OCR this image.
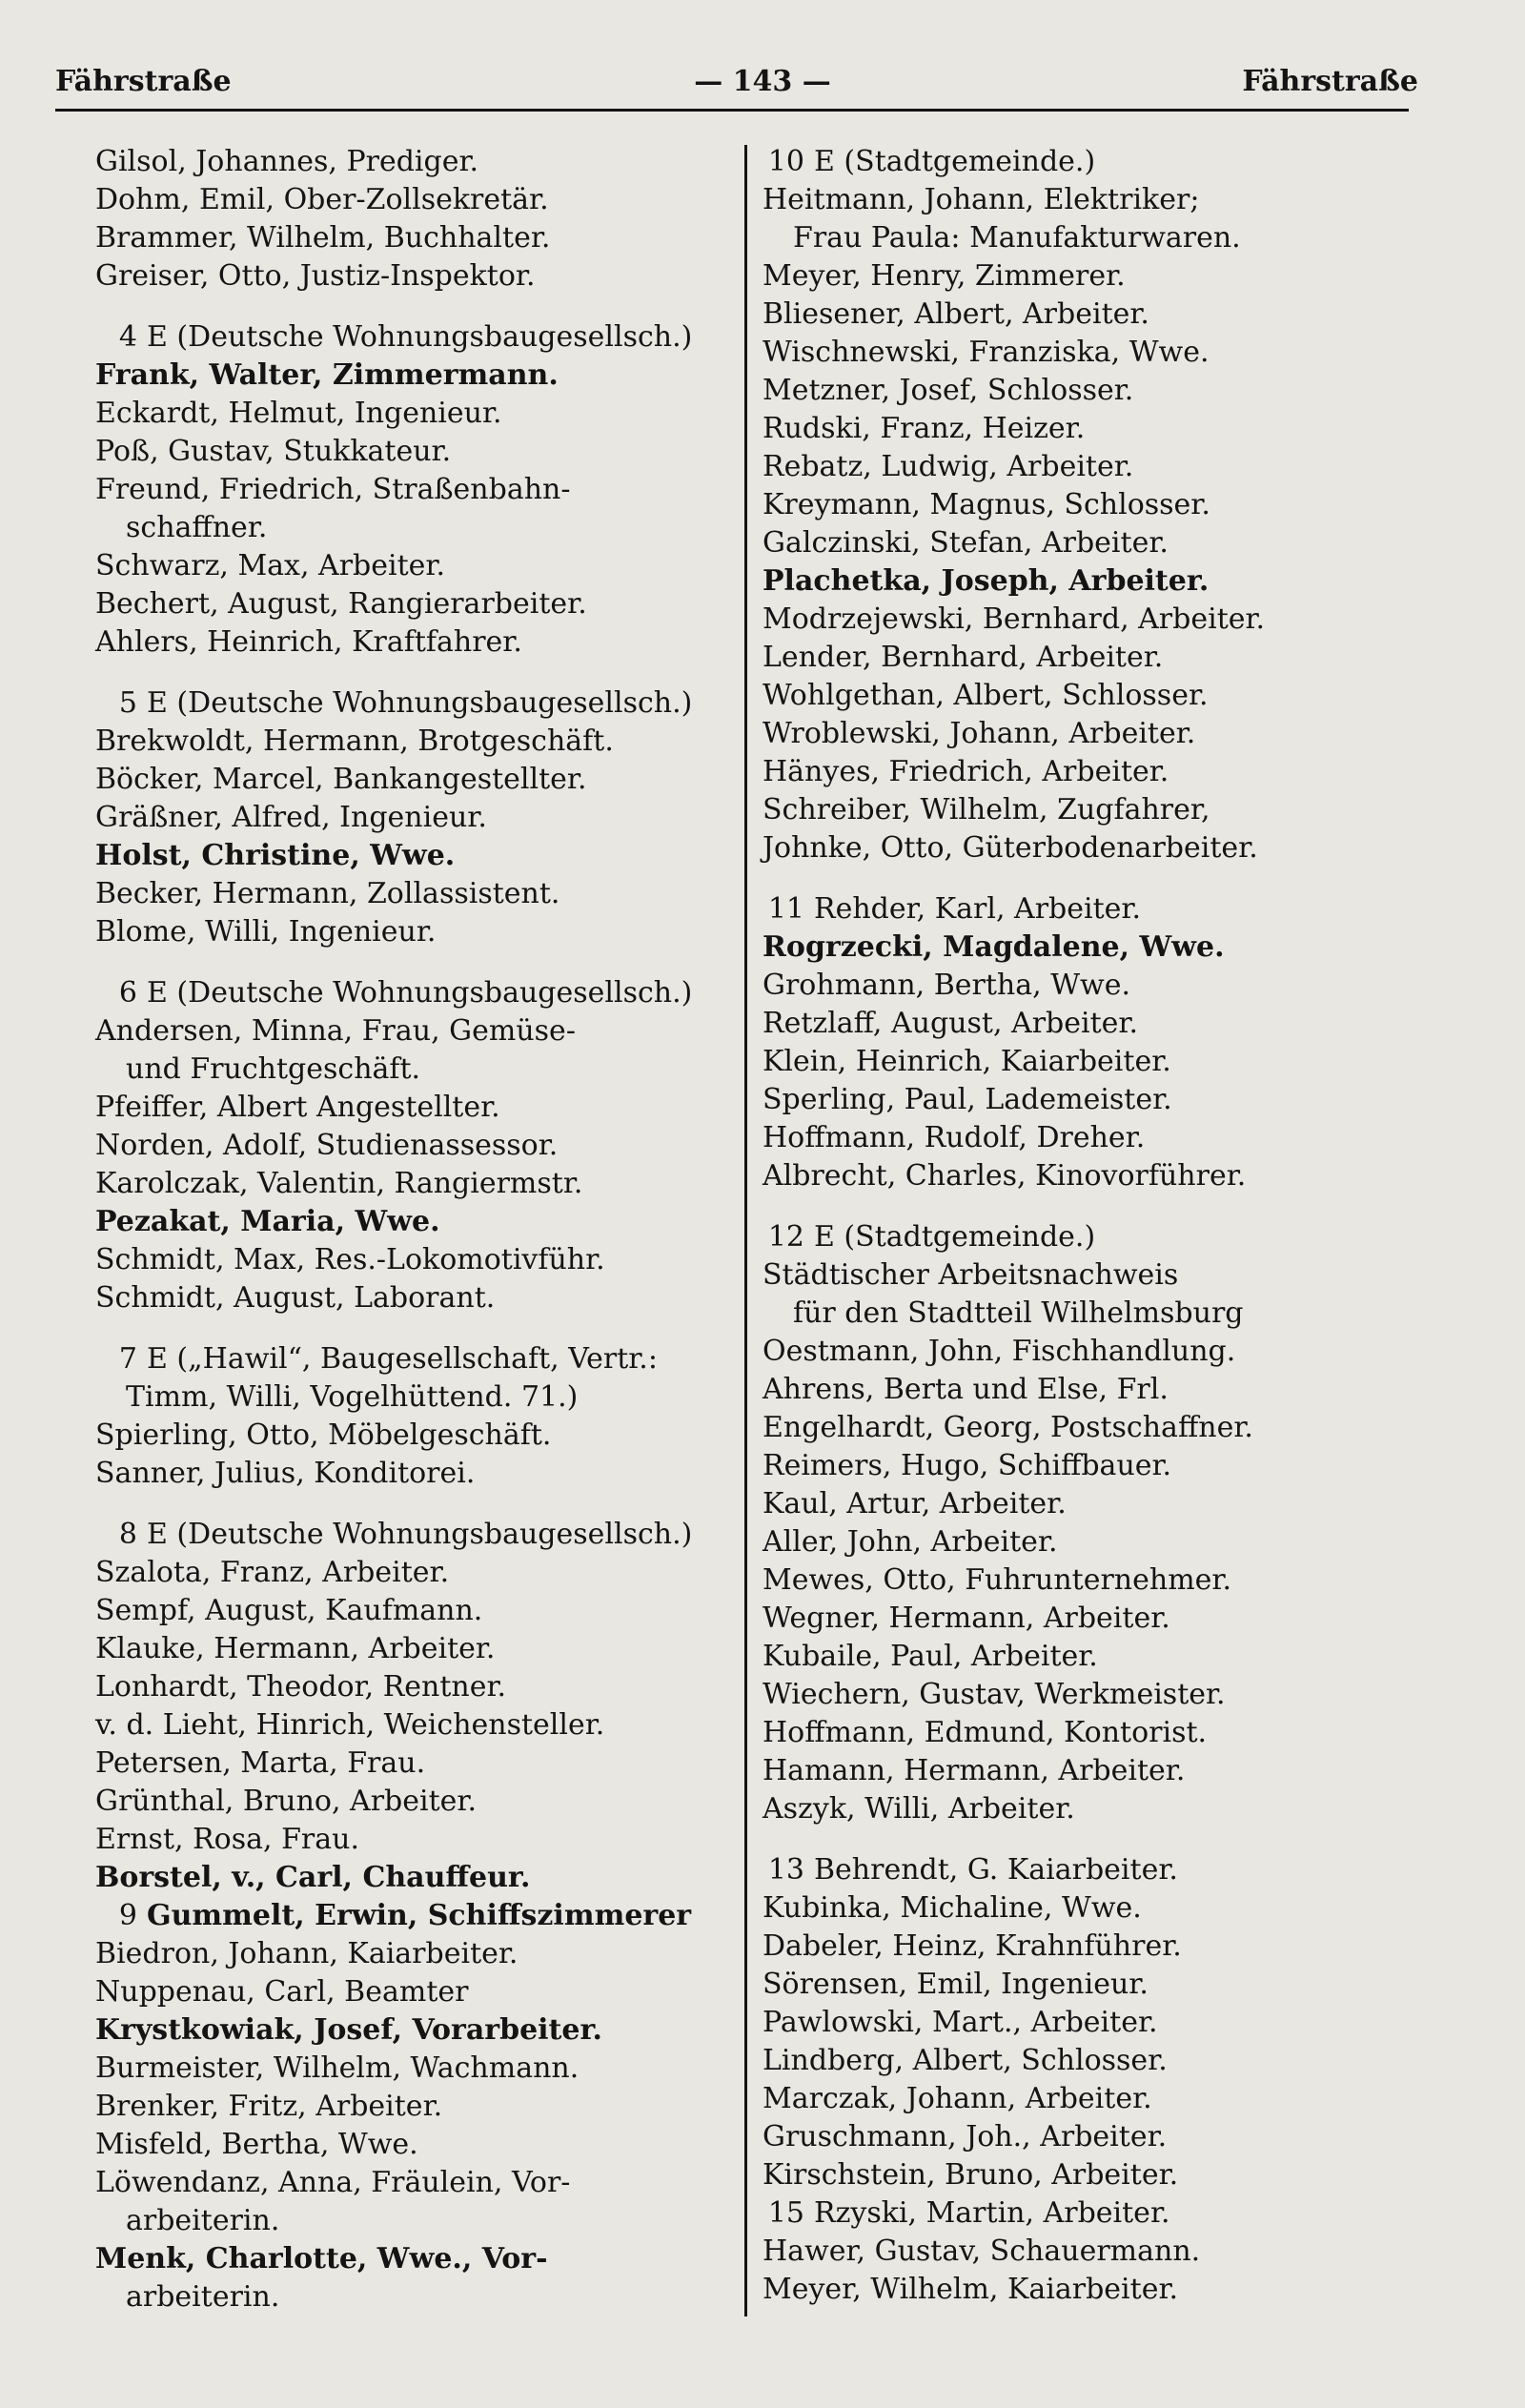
Fährstraße	— 143 —	Fährstraße
Gilsol, Johannes, Prediger.
Dohm, Emil, Ober-Zollsekretär.
Brammer, Wilhelm, Buchhalter.
Greiser, Otto, Justiz-Inspektor.
4 E (Deutsche Wohnungsbaugesellsch.)
Frank, Walter, Zimmermann.
Eckardt, Helmut, Ingenieur.
Poß, Gustav, Stukkateur.
Freund, Friedrich, Straßenbahn-
schaffner.
Schwarz, Max, Arbeiter.
Bechert, August, Rangierarbeiter.
Ahlers, Heinrich, Kraftfahrer.
5 E (Deutsche Wohnungsbaugesellsch.)
Brekwoldt, Hermann, Brotgeschäft.
Böcker, Marcel, Bankangestellter.
Gräßner, Alfred, Ingenieur.
Holst, Christine, Wwe.
Becker, Hermann, Zollassistent.
Blome, Willi, Ingenieur.
6 E (Deutsche Wohnungsbaugesellsch.)
Andersen, Minna, Frau, Gemüse-
und Fruchtgeschäft.
Pfeiffer, Albert Angestellter.
Norden, Adolf, Studienassessor.
Karolczak, Valentin, Rangiermstr.
Pezakat, Maria, Wwe.
Schmidt, Max, Res.-Lokomotivführ.
Schmidt, August, Laborant.
7 E („Hawil“, Baugesellschaft, Vertr.:
Timm, Willi, Vogelhüttend. 71.)
Spierling, Otto, Möbelgeschäft.
Sanner, Julius, Konditorei.
8 E (Deutsche Wohnungsbaugesellsch.)
Szalota, Franz, Arbeiter.
Sempf, August, Kaufmann.
Klauke, Hermann, Arbeiter.
Lonhardt, Theodor, Rentner.
v. d. Lieht, Hinrich, Weichensteller.
Petersen, Marta, Frau.
Grünthal, Bruno, Arbeiter.
Ernst, Rosa, Frau.
Borstel, v., Carl, Chauffeur.
9 Gummelt, Erwin, Schiffszimmerer
Biedron, Johann, Kaiarbeiter.
Nuppenau, Carl, Beamter
Krystkowiak, Josef, Vorarbeiter.
Burmeister, Wilhelm, Wachmann.
Brenker, Fritz, Arbeiter.
Misfeld, Bertha, Wwe.
Löwendanz, Anna, Fräulein, Vor-
arbeiterin.
Menk, Charlotte, Wwe., Vor-
arbeiterin.
10 E (Stadtgemeinde.)
Heitmann, Johann, Elektriker;
Frau Paula: Manufakturwaren.
Meyer, Henry, Zimmerer.
Bliesener, Albert, Arbeiter.
Wischnewski, Franziska, Wwe.
Metzner, Josef, Schlosser.
Rudski, Franz, Heizer.
Rebatz, Ludwig, Arbeiter.
Kreymann, Magnus, Schlosser.
Galczinski, Stefan, Arbeiter.
Plachetka, Joseph, Arbeiter.
Modrzejewski, Bernhard, Arbeiter.
Lender, Bernhard, Arbeiter.
Wohlgethan, Albert, Schlosser.
Wroblewski, Johann, Arbeiter.
Hänyes, Friedrich, Arbeiter.
Schreiber, Wilhelm, Zugfahrer,
Johnke, Otto, Güterbodenarbeiter.
11 Rehder, Karl, Arbeiter.
Rogrzecki, Magdalene, Wwe.
Grohmann, Bertha, Wwe.
Retzlaff, August, Arbeiter.
Klein, Heinrich, Kaiarbeiter.
Sperling, Paul, Lademeister.
Hoffmann, Rudolf, Dreher.
Albrecht, Charles, Kinovorführer.
12 E (Stadtgemeinde.)
Städtischer Arbeitsnachweis
für den Stadtteil Wilhelmsburg
Oestmann, John, Fischhandlung.
Ahrens, Berta und Else, Frl.
Engelhardt, Georg, Postschaffner.
Reimers, Hugo, Schiffbauer.
Kaul, Artur, Arbeiter.
Aller, John, Arbeiter.
Mewes, Otto, Fuhrunternehmer.
Wegner, Hermann, Arbeiter.
Kubaile, Paul, Arbeiter.
Wiechern, Gustav, Werkmeister.
Hoffmann, Edmund, Kontorist.
Hamann, Hermann, Arbeiter.
Aszyk, Willi, Arbeiter.
13 Behrendt, G. Kaiarbeiter.
Kubinka, Michaline, Wwe.
Dabeler, Heinz, Krahnführer.
Sörensen, Emil, Ingenieur.
Pawlowski, Mart., Arbeiter.
Lindberg, Albert, Schlosser.
Marczak, Johann, Arbeiter.
Gruschmann, Joh., Arbeiter.
Kirschstein, Bruno, Arbeiter.
15 Rzyski, Martin, Arbeiter.
Hawer, Gustav, Schauermann.
Meyer, Wilhelm, Kaiarbeiter.
